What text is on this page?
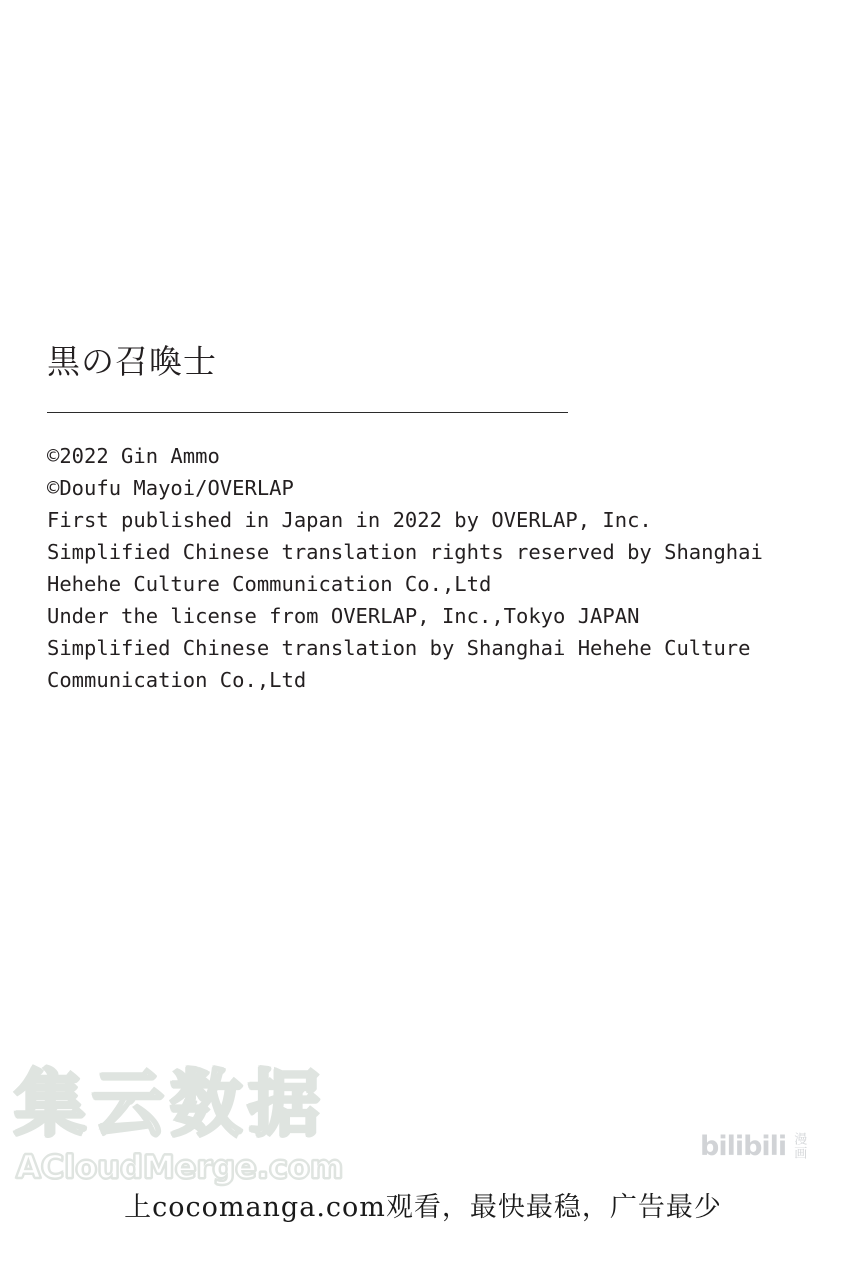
黒の召喚士
©2022 Gin Ammo
©Doufu Mayoi/OVERLAP
First published in Japan in 2022 by OVERLAP, Inc.
Simplified Chinese translation rights reserved by Shanghai Hehehe Culture Communication Co.,Ltd
Under the license from OVERLAP, Inc.,Tokyo JAPAN
Simplified Chinese translation by Shanghai Hehehe Culture Communication Co.,Ltd
集云数据
ACloudMerge.com
bilibili 漫画
上cocomanga.com观看，最快最稳，广告最少
